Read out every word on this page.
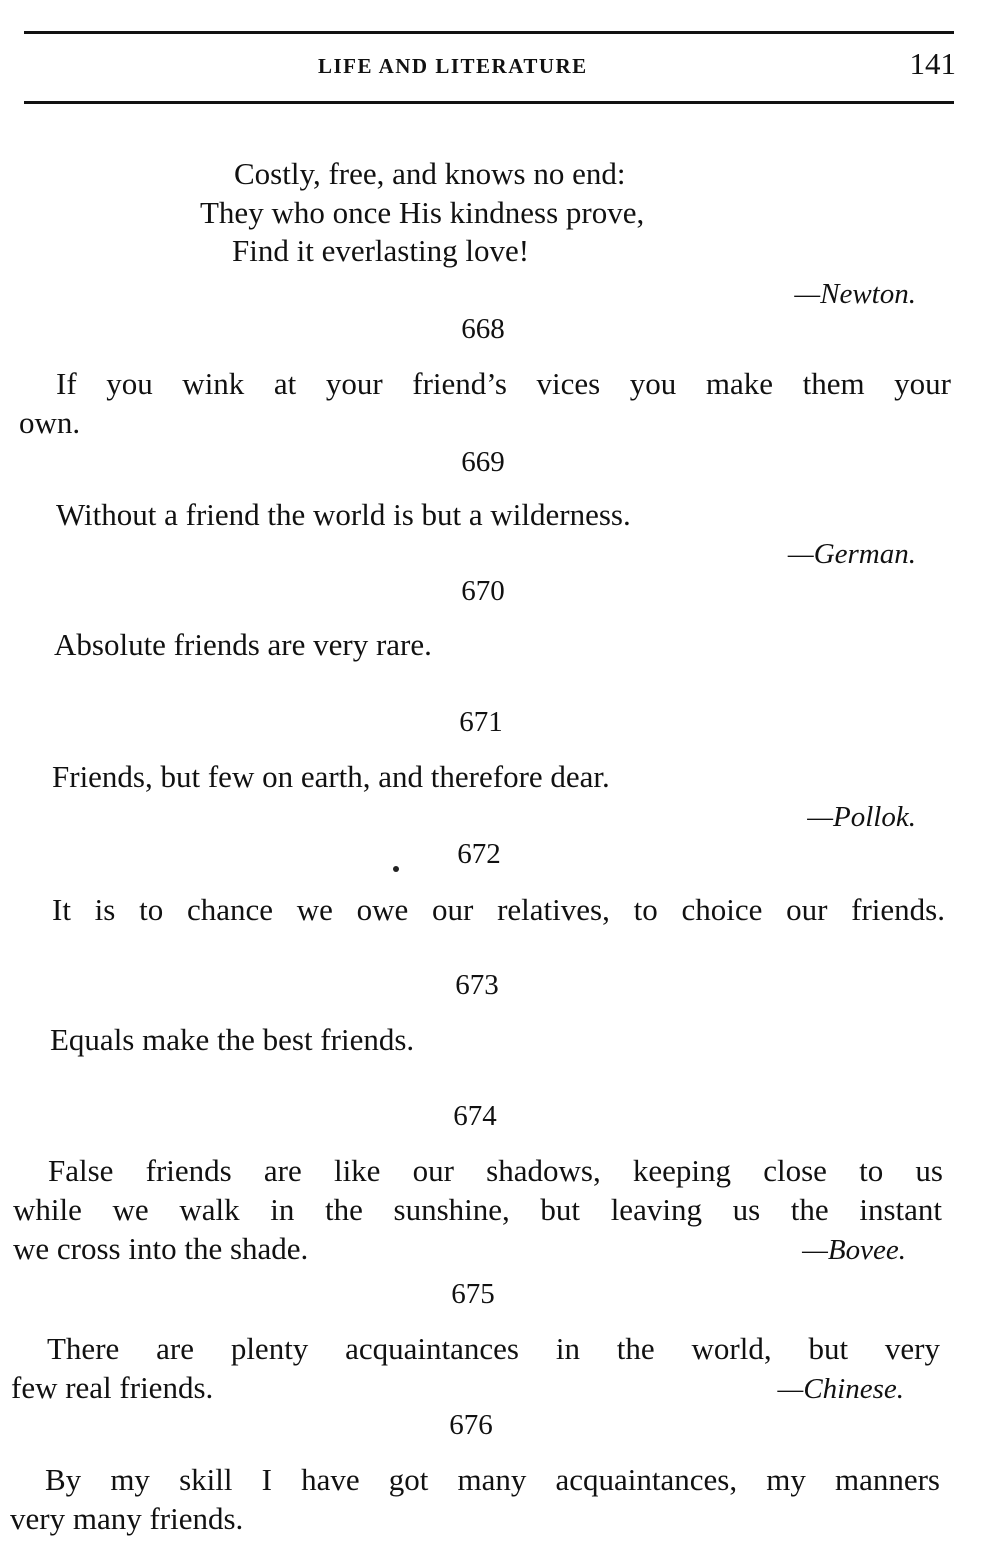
LIFE AND LITERATURE	141
Costly, free, and knows no end:
They who once His kindness prove,
Find it everlasting love!
—Newton.
668
If you wink at your friend’s vices you make them your
own.
669
Without a friend the world is but a wilderness.
—German.
670
Absolute friends are very rare.
671
Friends, but few on earth, and therefore dear.
—Pollok.
672
It is to chance we owe our relatives, to choice our friends.
673
Equals make the best friends.
674
False friends are like our shadows, keeping close to us
while we walk in the sunshine, but leaving us the instant
we cross into the shade.	—Bovee.
675
There are plenty acquaintances in the world, but very
few real friends.	—Chinese.
676
By my skill I have got many acquaintances, my manners
very many friends.
